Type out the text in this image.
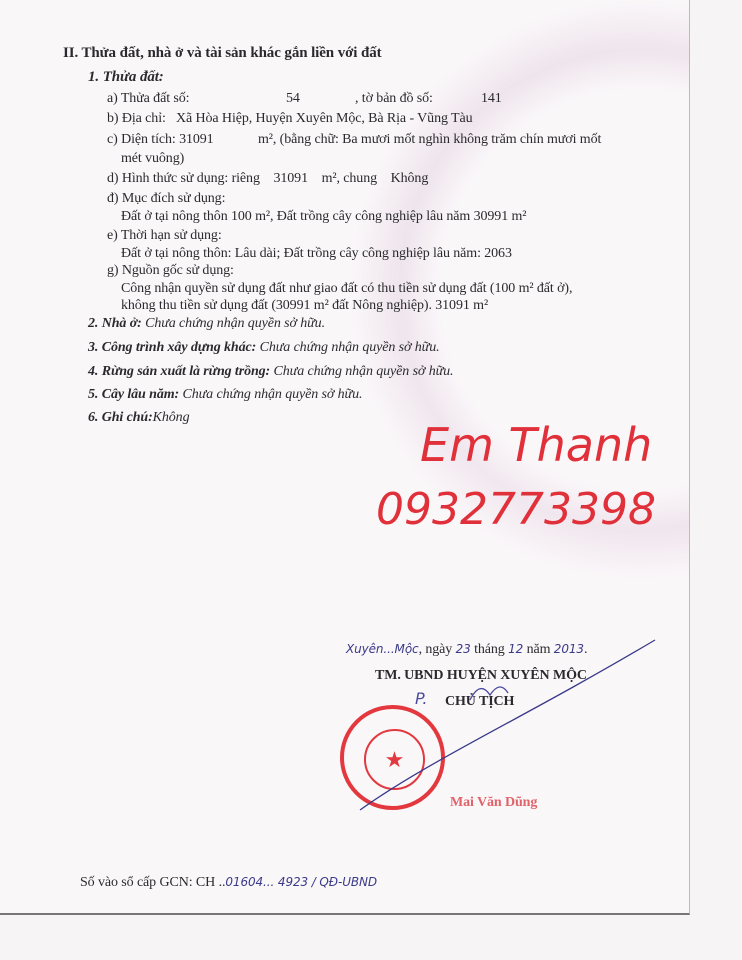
II. Thửa đất, nhà ở và tài sản khác gắn liền với đất
1. Thửa đất:
a) Thửa đất số:	54	, tờ bản đồ số:	141
b) Địa chỉ: Xã Hòa Hiệp, Huyện Xuyên Mộc, Bà Rịa - Vũng Tàu
c) Diện tích: 31091	m², (bằng chữ: Ba mươi mốt nghìn không trăm chín mươi mốt
mét vuông)
d) Hình thức sử dụng: riêng 31091 m², chung Không
đ) Mục đích sử dụng:
Đất ở tại nông thôn 100 m², Đất trồng cây công nghiệp lâu năm 30991 m²
e) Thời hạn sử dụng:
Đất ở tại nông thôn: Lâu dài; Đất trồng cây công nghiệp lâu năm: 2063
g) Nguồn gốc sử dụng:
Công nhận quyền sử dụng đất như giao đất có thu tiền sử dụng đất (100 m² đất ở),
không thu tiền sử dụng đất (30991 m² đất Nông nghiệp). 31091 m²
2. Nhà ở: Chưa chứng nhận quyền sở hữu.
3. Công trình xây dựng khác: Chưa chứng nhận quyền sở hữu.
4. Rừng sản xuất là rừng trồng: Chưa chứng nhận quyền sở hữu.
5. Cây lâu năm: Chưa chứng nhận quyền sở hữu.
6. Ghi chú:Không
Em Thanh
0932773398
Xuyên...Mộc, ngày 23 tháng 12 năm 2013.
TM. UBND HUYỆN XUYÊN MỘC
P. CHỦ TỊCH
★
Mai Văn Dũng
Số vào sổ cấp GCN: CH ..01604... 4923 / QĐ-UBND
